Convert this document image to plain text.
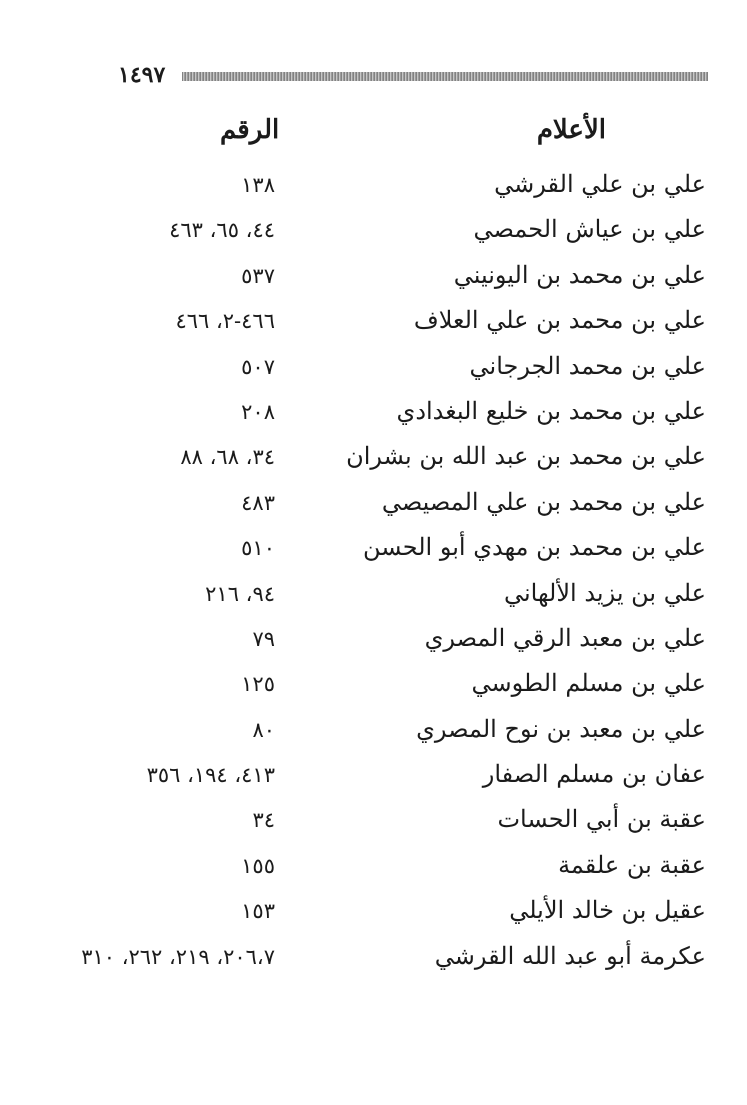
١٤٩٧
الأعلام
الرقم
علي بن علي القرشي
١٣٨
علي بن عياش الحمصي
٤٤، ٦٥، ٤٦٣
علي بن محمد بن اليونيني
٥٣٧
علي بن محمد بن علي العلاف
٤٦٦-٢، ٤٦٦
علي بن محمد الجرجاني
٥٠٧
علي بن محمد بن خليع البغدادي
٢٠٨
علي بن محمد بن عبد الله بن بشران
٣٤، ٦٨، ٨٨
علي بن محمد بن علي المصيصي
٤٨٣
علي بن محمد بن مهدي أبو الحسن
٥١٠
علي بن يزيد الألهاني
٩٤، ٢١٦
علي بن معبد الرقي المصري
٧٩
علي بن مسلم الطوسي
١٢٥
علي بن معبد بن نوح المصري
٨٠
عفان بن مسلم الصفار
٤١٣، ١٩٤، ٣٥٦
عقبة بن أبي الحسات
٣٤
عقبة بن علقمة
١٥٥
عقيل بن خالد الأيلي
١٥٣
عكرمة أبو عبد الله القرشي
٢٠٦،٧، ٢١٩، ٢٦٢، ٣١٠
